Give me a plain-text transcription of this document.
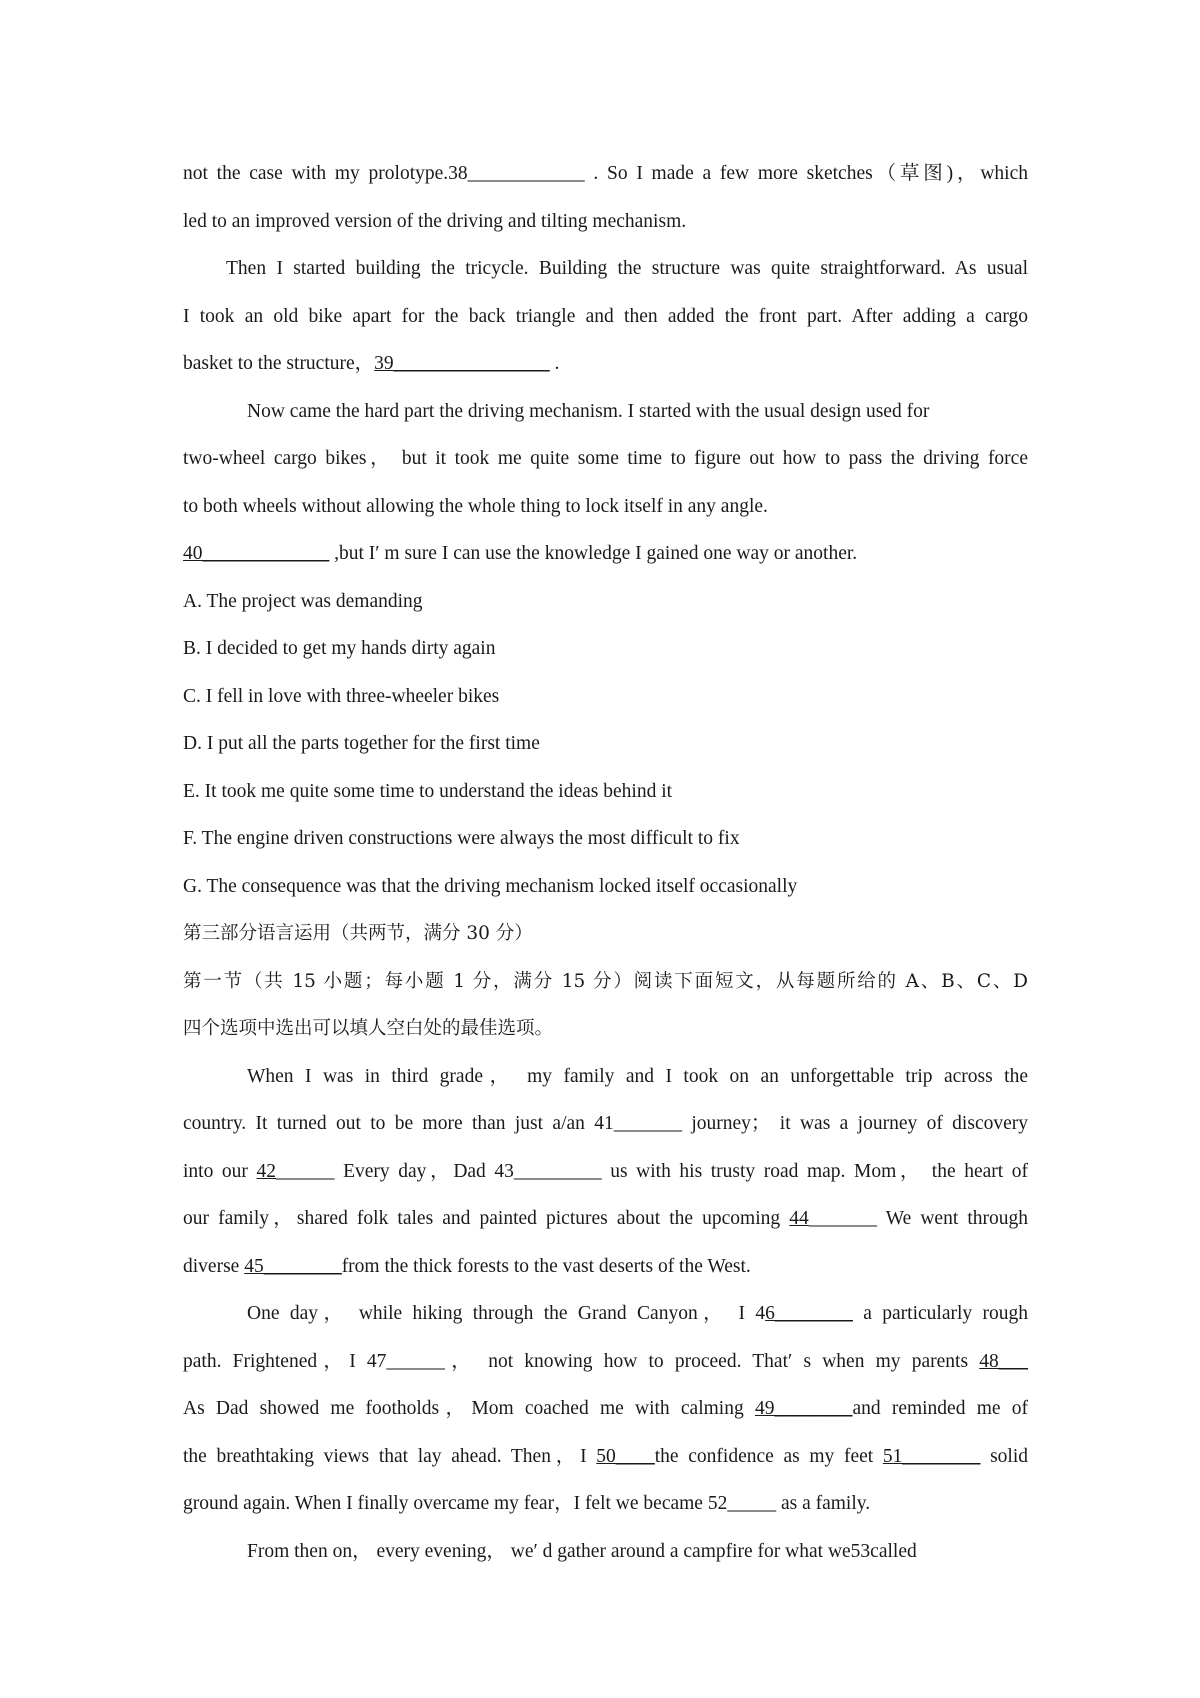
not the case with my prolotype.38____________ . So I made a few more sketches（草图)，which
led to an improved version of the driving and tilting mechanism.
Then I started building the tricycle. Building the structure was quite straightforward. As usual
I took an old bike apart for the back triangle and then added the front part. After adding a cargo
basket to the structure，39________________ .
Now came the hard part the driving mechanism. I started with the usual design used for
two-wheel cargo bikes， but it took me quite some time to figure out how to pass the driving force
to both wheels without allowing the whole thing to lock itself in any angle.
40_____________ ,but I′ m sure I can use the knowledge I gained one way or another.
A. The project was demanding
B. I decided to get my hands dirty again
C. I fell in love with three-wheeler bikes
D. I put all the parts together for the first time
E. It took me quite some time to understand the ideas behind it
F. The engine driven constructions were always the most difficult to fix
G. The consequence was that the driving mechanism locked itself occasionally
第三部分语言运用（共两节，满分 30 分）
第一节（共 15 小题；每小题 1 分，满分 15 分）阅读下面短文，从每题所给的 A、B、C、D
四个选项中选出可以填人空白处的最佳选项。
When I was in third grade， my family and I took on an unforgettable trip across the
country. It turned out to be more than just a/an 41_______ journey； it was a journey of discovery
into our 42______ Every day，Dad 43_________ us with his trusty road map. Mom， the heart of
our family，shared folk tales and painted pictures about the upcoming 44_______ We went through
diverse 45________from the thick forests to the vast deserts of the West.
One day， while hiking through the Grand Canyon， I 46________ a particularly rough
path. Frightened，I 47______， not knowing how to proceed. That′ s when my parents 48___
As Dad showed me footholds，Mom coached me with calming 49________and reminded me of
the breathtaking views that lay ahead. Then，I 50____the confidence as my feet 51________ solid
ground again. When I finally overcame my fear，I felt we became 52_____ as a family.
From then on， every evening， we′ d gather around a campfire for what we53called
